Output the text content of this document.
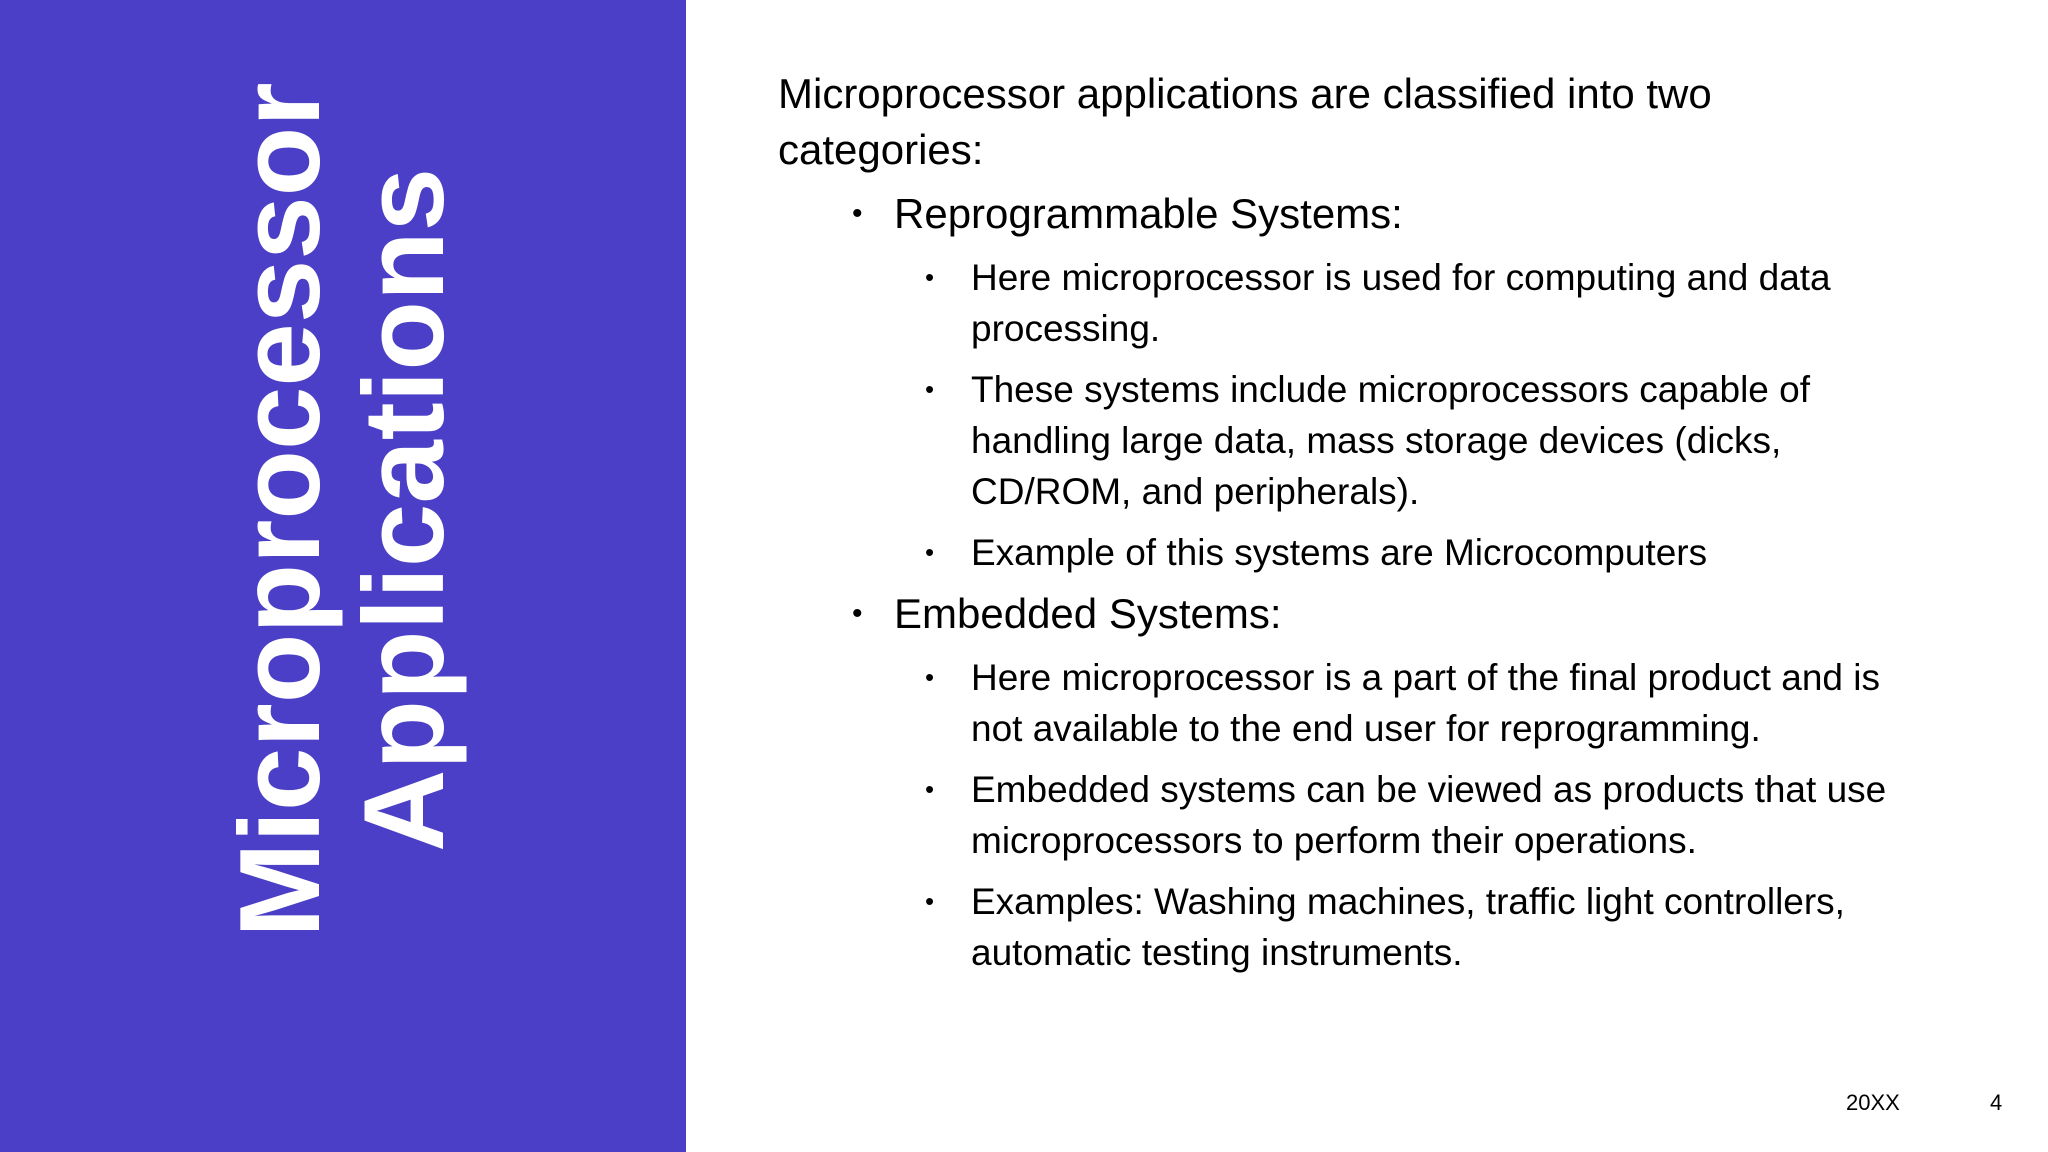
Microprocessor
Applications

Microprocessor applications are classified into two categories:

• Reprogrammable Systems:
• Here microprocessor is used for computing and data processing.
• These systems include microprocessors capable of handling large data, mass storage devices (dicks, CD/ROM, and peripherals).
• Example of this systems are Microcomputers
• Embedded Systems:
• Here microprocessor is a part of the final product and is not available to the end user for reprogramming.
• Embedded systems can be viewed as products that use microprocessors to perform their operations.
• Examples: Washing machines, traffic light controllers, automatic testing instruments.
20XX	4
